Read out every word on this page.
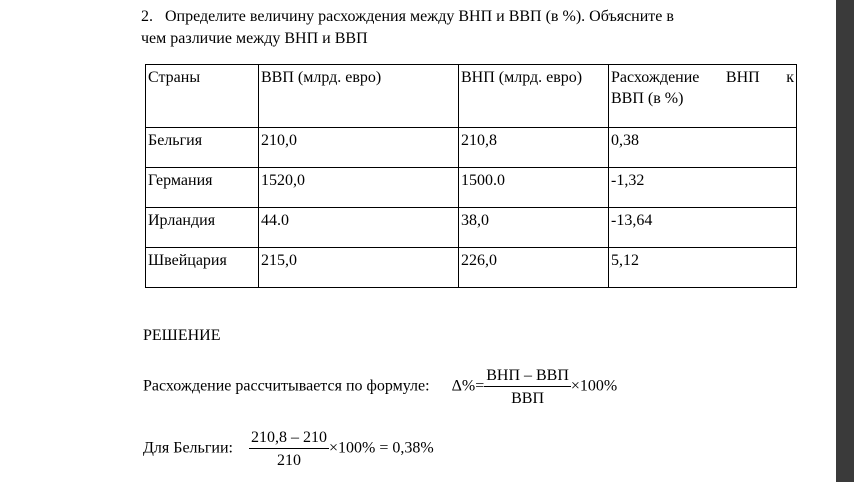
2. Определите величину расхождения между ВНП и ВВП (в %). Объясните в
чем различие между ВНП и ВВП
Страны	ВВП (млрд. евро)	ВНП (млрд. евро)	Расхождение ВНП к
ВВП (в %)
Бельгия	210,0	210,8	0,38
Германия	1520,0	1500.0	-1,32
Ирландия	44.0	38,0	-13,64
Швейцария	215,0	226,0	5,12
РЕШЕНИЕ
Расхождение рассчитывается по формуле: $\Delta\%= \frac{\text{ВНП – ВВП}}{\text{ВВП}} \times 100\%$
Для Бельгии: $\frac{210,8 - 210}{210} \times 100\% = 0,38\%$
